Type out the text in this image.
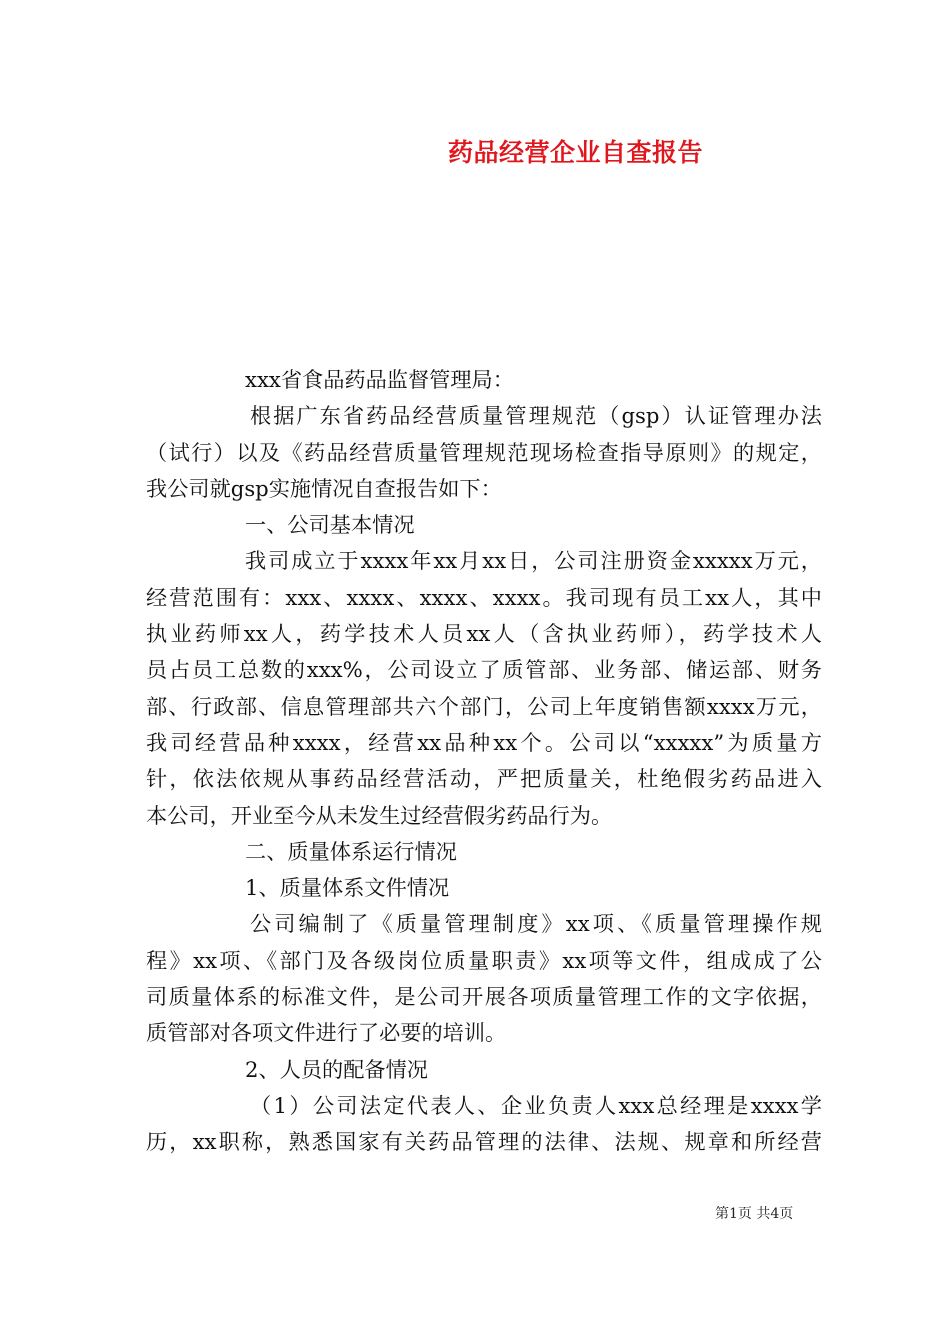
药品经营企业自查报告
xxx省食品药品监督管理局：
根据广东省药品经营质量管理规范（gsp）认证管理办法
（试行）以及《药品经营质量管理规范现场检查指导原则》的规定，
我公司就gsp实施情况自查报告如下：
一、公司基本情况
我司成立于xxxx年xx月xx日，公司注册资金xxxxx万元，
经营范围有：xxx、xxxx、xxxx、xxxx。我司现有员工xx人，其中
执业药师xx人，药学技术人员xx人（含执业药师），药学技术人
员占员工总数的xxx%，公司设立了质管部、业务部、储运部、财务
部、行政部、信息管理部共六个部门，公司上年度销售额xxxx万元，
我司经营品种xxxx，经营xx品种xx个。公司以“xxxxx”为质量方
针，依法依规从事药品经营活动，严把质量关，杜绝假劣药品进入
本公司，开业至今从未发生过经营假劣药品行为。
二、质量体系运行情况
1、质量体系文件情况
公司编制了《质量管理制度》xx项、《质量管理操作规
程》xx项、《部门及各级岗位质量职责》xx项等文件，组成成了公
司质量体系的标准文件，是公司开展各项质量管理工作的文字依据，
质管部对各项文件进行了必要的培训。
2、人员的配备情况
（1）公司法定代表人、企业负责人xxx总经理是xxxx学
历，xx职称，熟悉国家有关药品管理的法律、法规、规章和所经营
第1页 共4页
